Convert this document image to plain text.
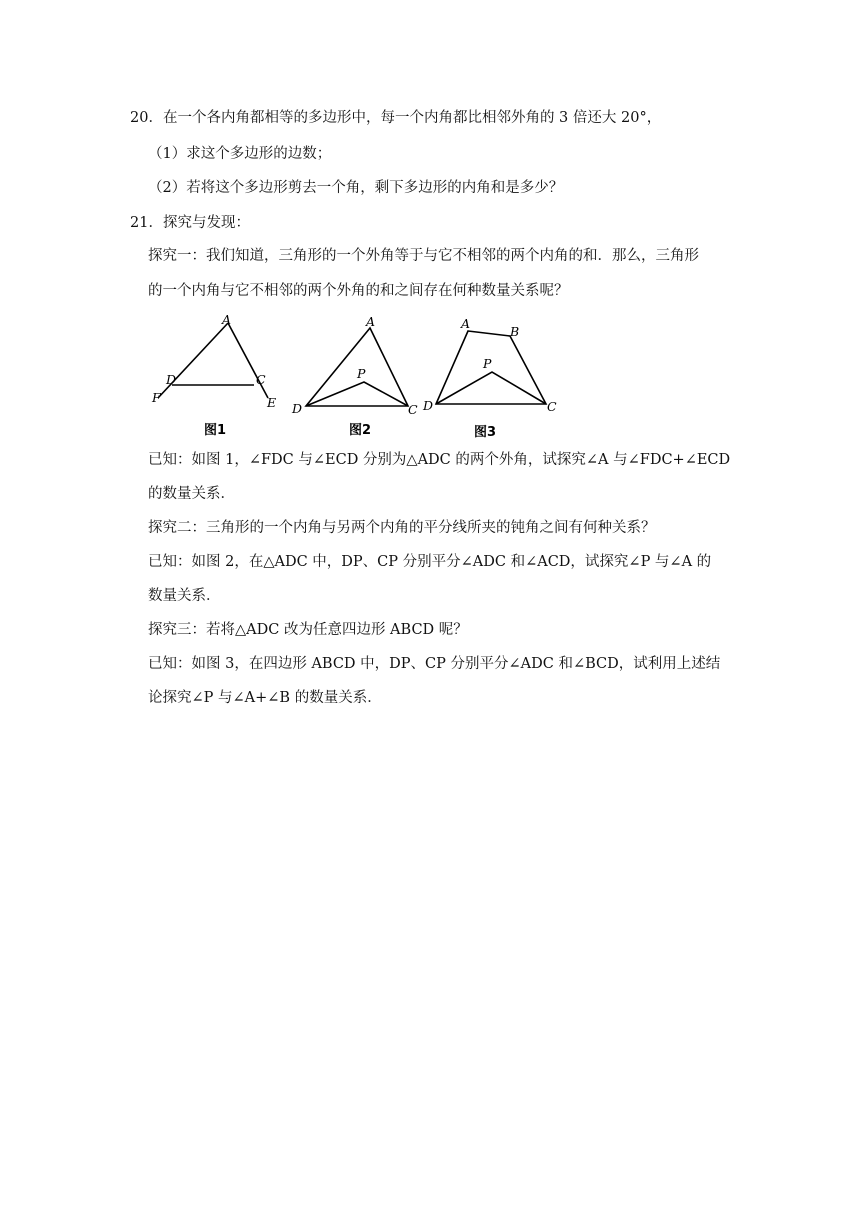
20．在一个各内角都相等的多边形中，每一个内角都比相邻外角的 3 倍还大 20°，
（1）求这个多边形的边数；
（2）若将这个多边形剪去一个角，剩下多边形的内角和是多少？
21．探究与发现：
探究一：我们知道，三角形的一个外角等于与它不相邻的两个内角的和．那么，三角形
的一个内角与它不相邻的两个外角的和之间存在何种数量关系呢？
A
D	C
F	E
图1
A
P
D	C
图2
A
B
P
D	C
图3
已知：如图 1，∠FDC 与∠ECD 分别为△ADC 的两个外角，试探究∠A 与∠FDC+∠ECD
的数量关系．
探究二：三角形的一个内角与另两个内角的平分线所夹的钝角之间有何种关系？
已知：如图 2，在△ADC 中，DP、CP 分别平分∠ADC 和∠ACD，试探究∠P 与∠A 的
数量关系．
探究三：若将△ADC 改为任意四边形 ABCD 呢？
已知：如图 3，在四边形 ABCD 中，DP、CP 分别平分∠ADC 和∠BCD，试利用上述结
论探究∠P 与∠A+∠B 的数量关系．
